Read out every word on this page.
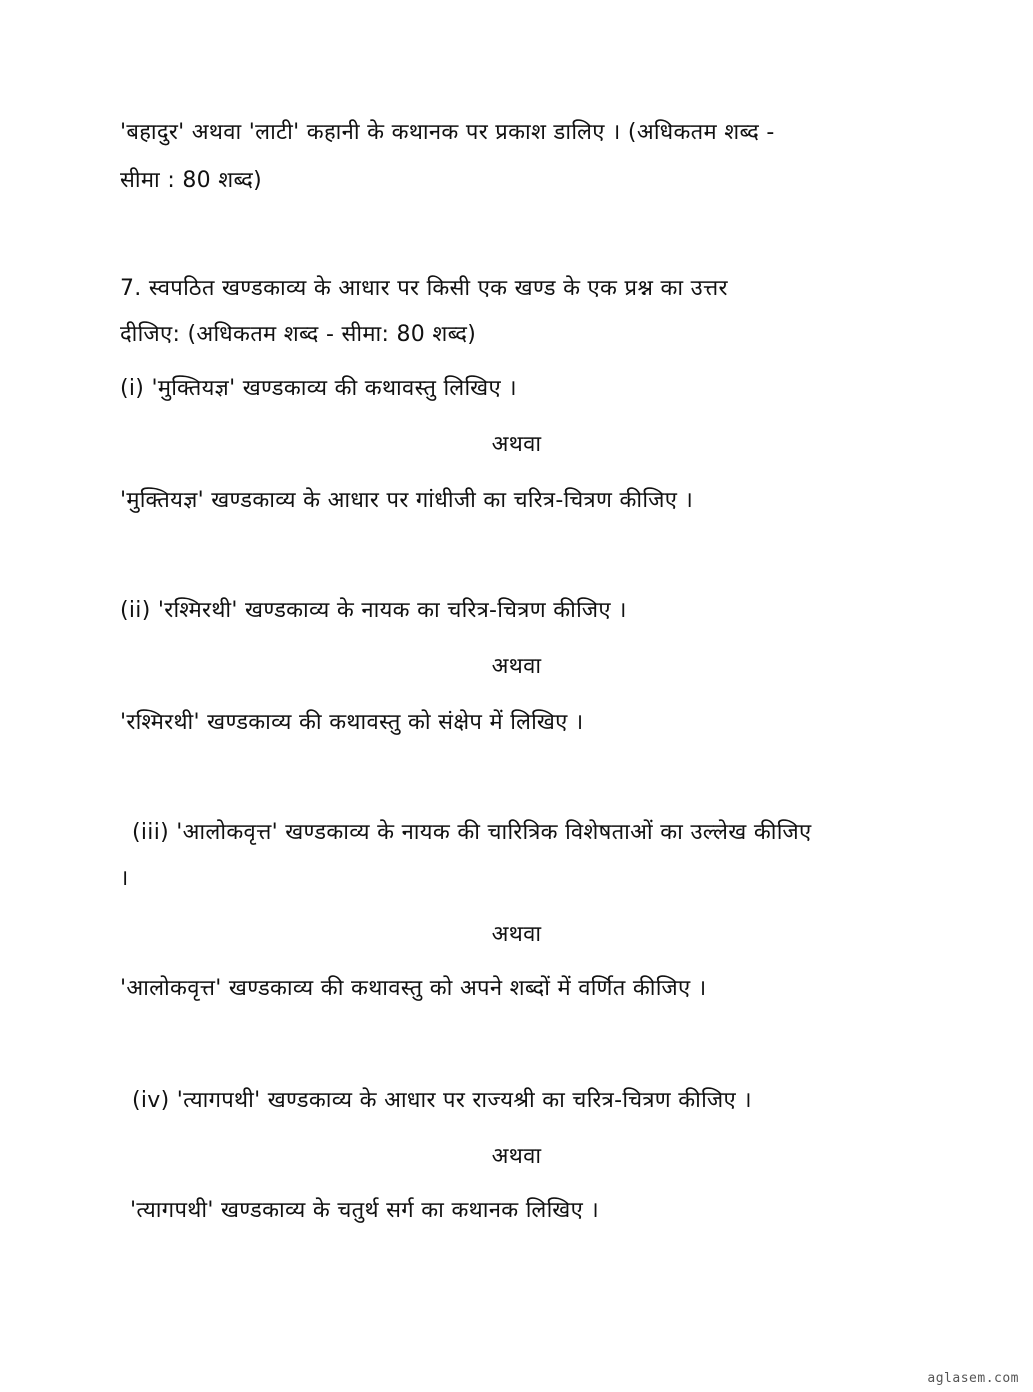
'बहादुर' अथवा 'लाटी' कहानी के कथानक पर प्रकाश डालिए । (अधिकतम शब्द -
सीमा : 80 शब्द)
7. स्वपठित खण्डकाव्य के आधार पर किसी एक खण्ड के एक प्रश्न का उत्तर
दीजिए: (अधिकतम शब्द - सीमा: 80 शब्द)
(i) 'मुक्तियज्ञ' खण्डकाव्य की कथावस्तु लिखिए ।
अथवा
'मुक्तियज्ञ' खण्डकाव्य के आधार पर गांधीजी का चरित्र-चित्रण कीजिए ।
(ii) 'रश्मिरथी' खण्डकाव्य के नायक का चरित्र-चित्रण कीजिए ।
अथवा
'रश्मिरथी' खण्डकाव्य की कथावस्तु को संक्षेप में लिखिए ।
(iii) 'आलोकवृत्त' खण्डकाव्य के नायक की चारित्रिक विशेषताओं का उल्लेख कीजिए
।
अथवा
'आलोकवृत्त' खण्डकाव्य की कथावस्तु को अपने शब्दों में वर्णित कीजिए ।
(iv) 'त्यागपथी' खण्डकाव्य के आधार पर राज्यश्री का चरित्र-चित्रण कीजिए ।
अथवा
'त्यागपथी' खण्डकाव्य के चतुर्थ सर्ग का कथानक लिखिए ।
aglasem.com
